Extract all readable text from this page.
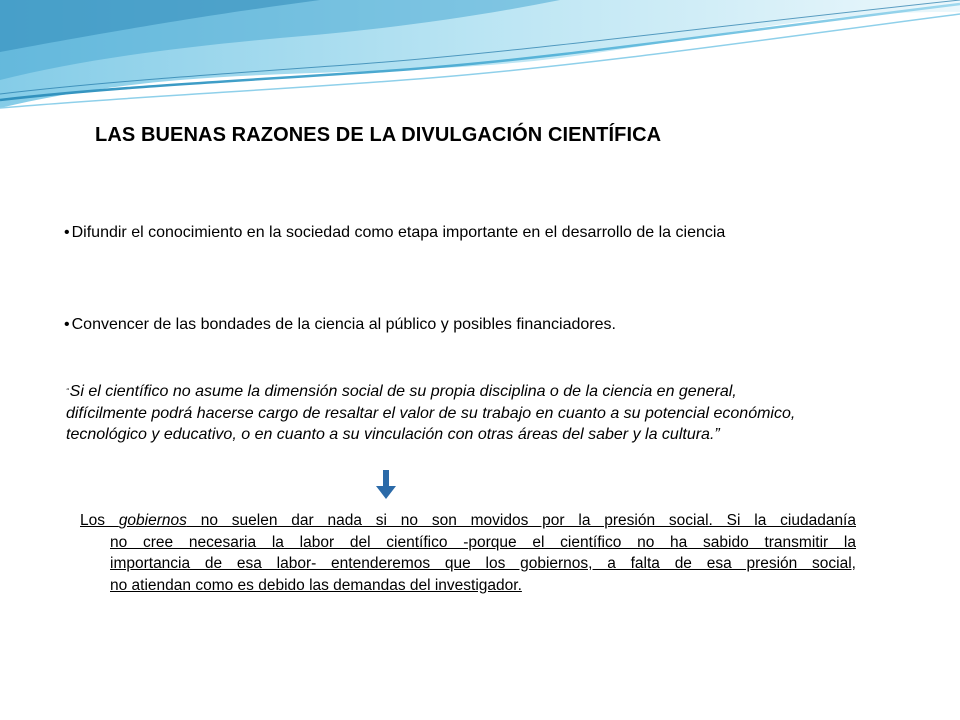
LAS BUENAS RAZONES DE LA DIVULGACIÓN CIENTÍFICA
• Difundir el conocimiento en la sociedad como etapa importante en el desarrollo de la ciencia
• Convencer de las bondades de la ciencia al público y posibles financiadores.
“Si el científico no asume la dimensión social de su propia disciplina o de la ciencia en general, difícilmente podrá hacerse cargo de resaltar el valor de su trabajo en cuanto a su potencial económico, tecnológico y educativo, o en cuanto a su vinculación con otras áreas del saber y la cultura.”
Los gobiernos no suelen dar nada si no son movidos por la presión social. Si la ciudadanía
no cree necesaria la labor del científico -porque el científico no ha sabido transmitir la
importancia de esa labor- entenderemos que los gobiernos, a falta de esa presión social,
no atiendan como es debido las demandas del investigador.
